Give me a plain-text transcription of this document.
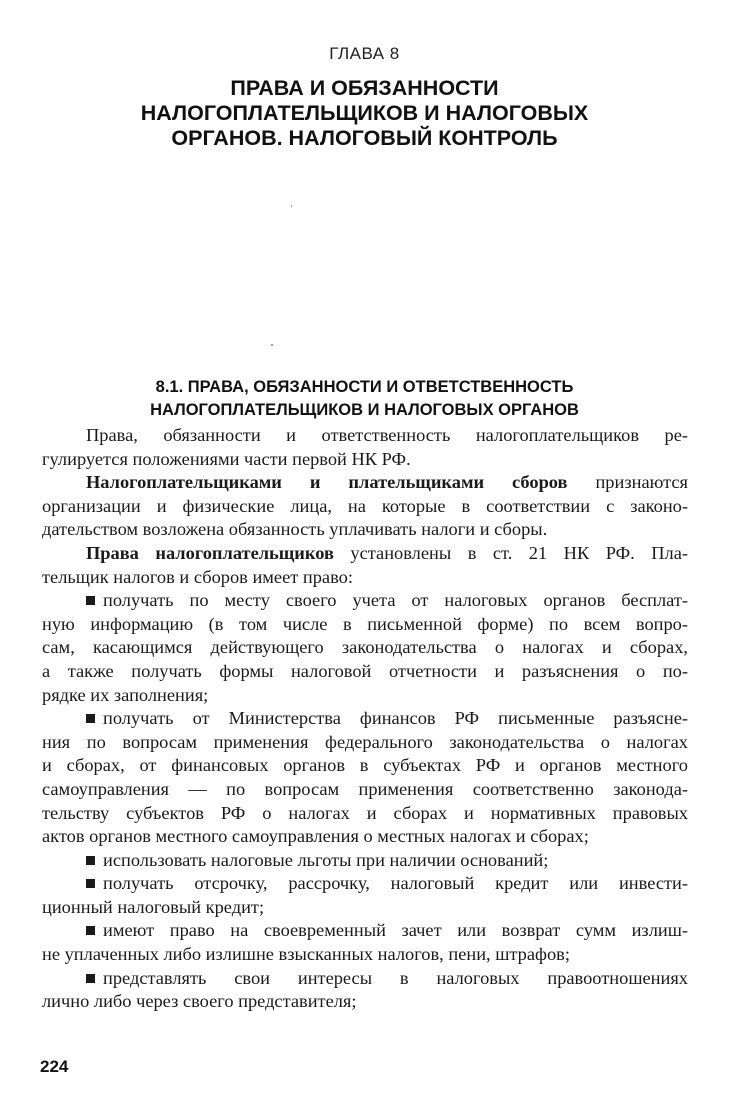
ГЛАВА 8
ПРАВА И ОБЯЗАННОСТИ
НАЛОГОПЛАТЕЛЬЩИКОВ И НАЛОГОВЫХ
ОРГАНОВ. НАЛОГОВЫЙ КОНТРОЛЬ
8.1. ПРАВА, ОБЯЗАННОСТИ И ОТВЕТСТВЕННОСТЬ
НАЛОГОПЛАТЕЛЬЩИКОВ И НАЛОГОВЫХ ОРГАНОВ
Права, обязанности и ответственность налогоплательщиков ре-
гулируется положениями части первой НК РФ.
Налогоплательщиками и плательщиками сборов признаются
организации и физические лица, на которые в соответствии с законо-
дательством возложена обязанность уплачивать налоги и сборы.
Права налогоплательщиков установлены в ст. 21 НК РФ. Пла-
тельщик налогов и сборов имеет право:
получать по месту своего учета от налоговых органов бесплат-
ную информацию (в том числе в письменной форме) по всем вопро-
сам, касающимся действующего законодательства о налогах и сборах,
а также получать формы налоговой отчетности и разъяснения о по-
рядке их заполнения;
получать от Министерства финансов РФ письменные разъясне-
ния по вопросам применения федерального законодательства о налогах
и сборах, от финансовых органов в субъектах РФ и органов местного
самоуправления — по вопросам применения соответственно законода-
тельству субъектов РФ о налогах и сборах и нормативных правовых
актов органов местного самоуправления о местных налогах и сборах;
использовать налоговые льготы при наличии оснований;
получать отсрочку, рассрочку, налоговый кредит или инвести-
ционный налоговый кредит;
имеют право на своевременный зачет или возврат сумм излиш-
не уплаченных либо излишне взысканных налогов, пени, штрафов;
представлять свои интересы в налоговых правоотношениях
лично либо через своего представителя;
224
